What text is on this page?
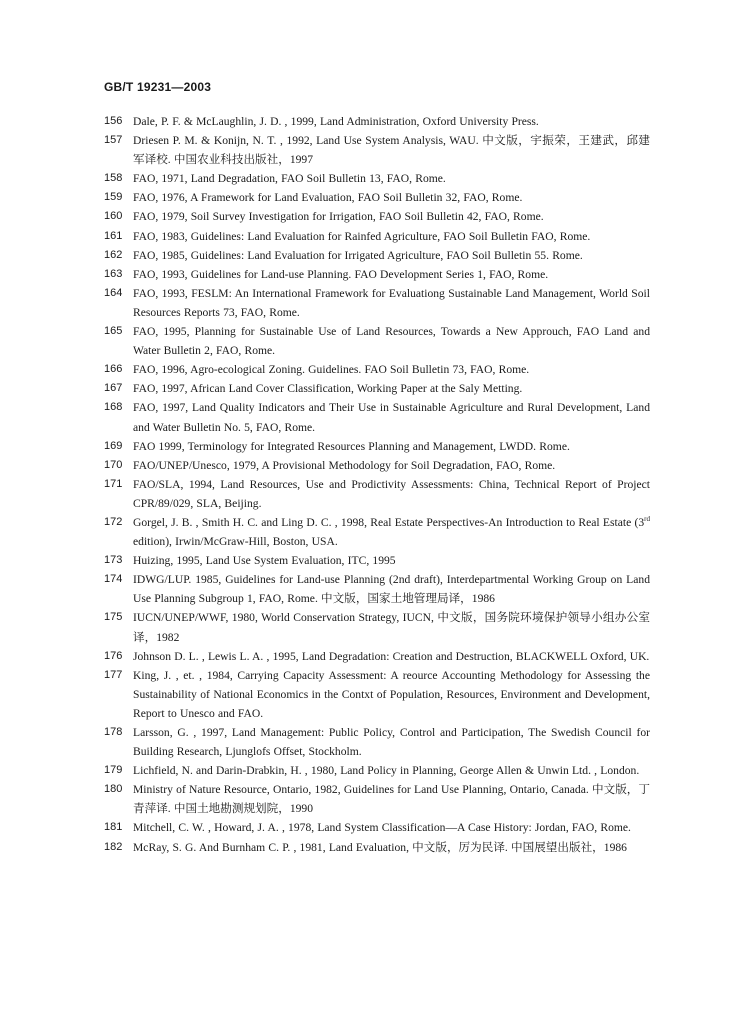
GB/T 19231—2003
156 Dale, P. F. & McLaughlin, J. D. , 1999, Land Administration, Oxford University Press.
157 Driesen P. M. & Konijn, N. T. , 1992, Land Use System Analysis, WAU. 中文版，宇振荣，王建武，邱建军译校. 中国农业科技出版社，1997
158 FAO, 1971, Land Degradation, FAO Soil Bulletin 13, FAO, Rome.
159 FAO, 1976, A Framework for Land Evaluation, FAO Soil Bulletin 32, FAO, Rome.
160 FAO, 1979, Soil Survey Investigation for Irrigation, FAO Soil Bulletin 42, FAO, Rome.
161 FAO, 1983, Guidelines: Land Evaluation for Rainfed Agriculture, FAO Soil Bulletin FAO, Rome.
162 FAO, 1985, Guidelines: Land Evaluation for Irrigated Agriculture, FAO Soil Bulletin 55. Rome.
163 FAO, 1993, Guidelines for Land-use Planning. FAO Development Series 1, FAO, Rome.
164 FAO, 1993, FESLM: An International Framework for Evaluationg Sustainable Land Management, World Soil Resources Reports 73, FAO, Rome.
165 FAO, 1995, Planning for Sustainable Use of Land Resources, Towards a New Approuch, FAO Land and Water Bulletin 2, FAO, Rome.
166 FAO, 1996, Agro-ecological Zoning. Guidelines. FAO Soil Bulletin 73, FAO, Rome.
167 FAO, 1997, African Land Cover Classification, Working Paper at the Saly Metting.
168 FAO, 1997, Land Quality Indicators and Their Use in Sustainable Agriculture and Rural Development, Land and Water Bulletin No. 5, FAO, Rome.
169 FAO 1999, Terminology for Integrated Resources Planning and Management, LWDD. Rome.
170 FAO/UNEP/Unesco, 1979, A Provisional Methodology for Soil Degradation, FAO, Rome.
171 FAO/SLA, 1994, Land Resources, Use and Prodictivity Assessments: China, Technical Report of Project CPR/89/029, SLA, Beijing.
172 Gorgel, J. B. , Smith H. C. and Ling D. C. , 1998, Real Estate Perspectives-An Introduction to Real Estate (3rd edition), Irwin/McGraw-Hill, Boston, USA.
173 Huizing, 1995, Land Use System Evaluation, ITC, 1995
174 IDWG/LUP. 1985, Guidelines for Land-use Planning (2nd draft), Interdepartmental Working Group on Land Use Planning Subgroup 1, FAO, Rome. 中文版，国家土地管理局译，1986
175 IUCN/UNEP/WWF, 1980, World Conservation Strategy, IUCN, 中文版，国务院环境保护领导小组办公室译，1982
176 Johnson D. L. , Lewis L. A. , 1995, Land Degradation: Creation and Destruction, BLACKWELL Oxford, UK.
177 King, J. , et. , 1984, Carrying Capacity Assessment: A reource Accounting Methodology for Assessing the Sustainability of National Economics in the Contxt of Population, Resources, Environment and Development, Report to Unesco and FAO.
178 Larsson, G. , 1997, Land Management: Public Policy, Control and Participation, The Swedish Council for Building Research, Ljunglofs Offset, Stockholm.
179 Lichfield, N. and Darin-Drabkin, H. , 1980, Land Policy in Planning, George Allen & Unwin Ltd. , London.
180 Ministry of Nature Resource, Ontario, 1982, Guidelines for Land Use Planning, Ontario, Canada. 中文版，丁青萍译. 中国土地勘测规划院，1990
181 Mitchell, C. W. , Howard, J. A. , 1978, Land System Classification—A Case History: Jordan, FAO, Rome.
182 McRay, S. G. And Burnham C. P. , 1981, Land Evaluation, 中文版，厉为民译. 中国展望出版社，1986
